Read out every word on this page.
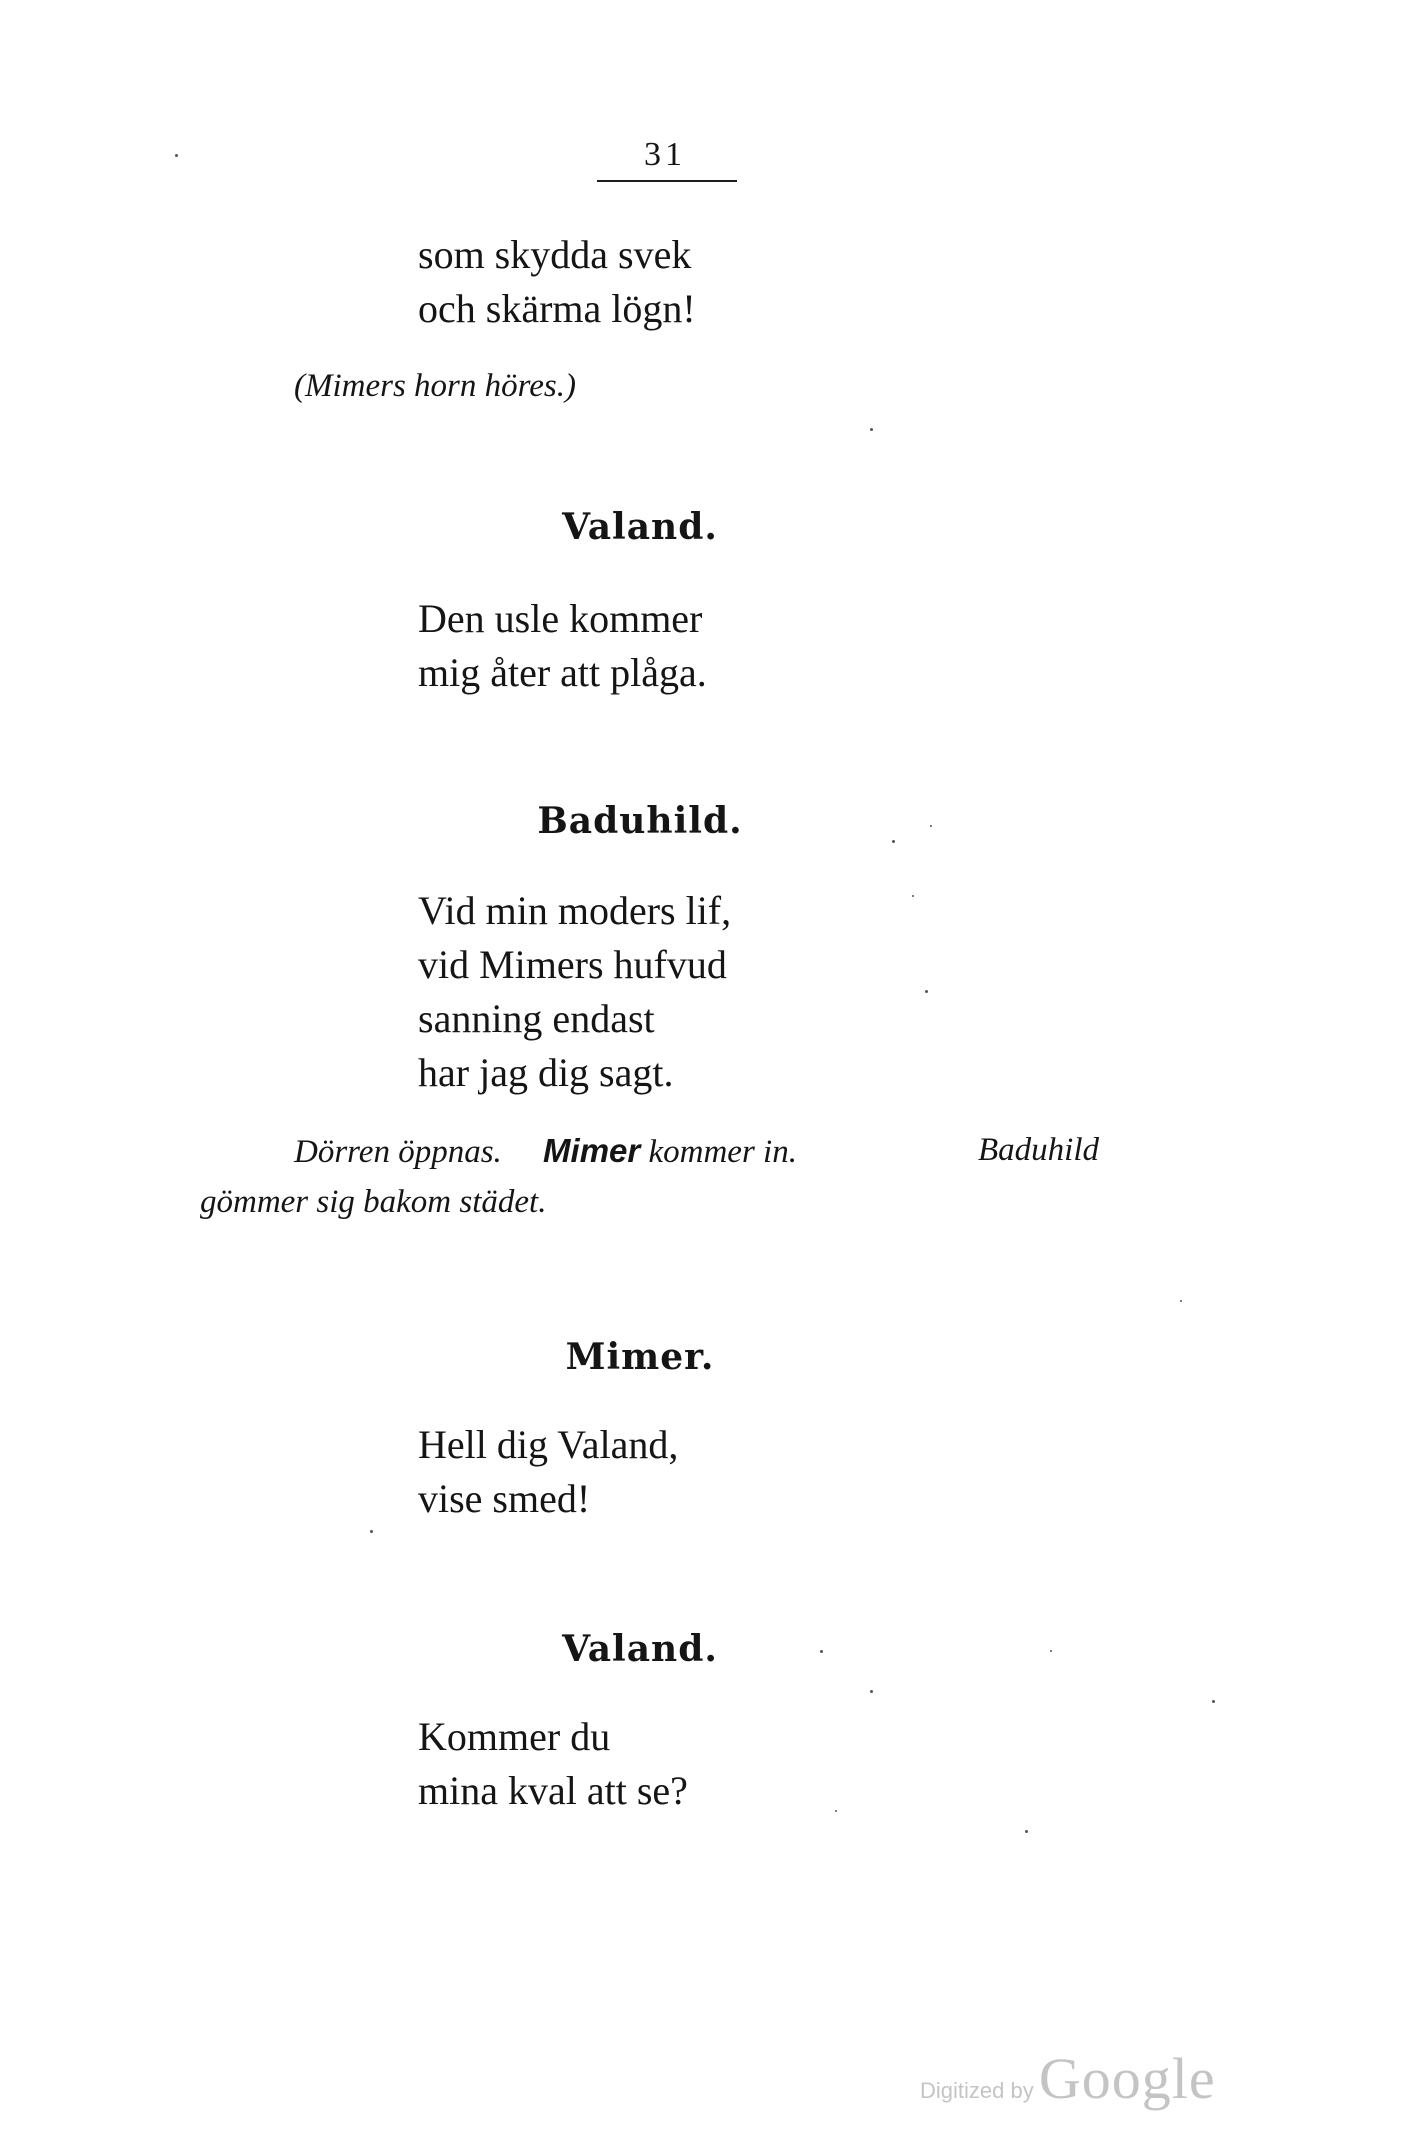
31
som skydda svek
och skärma lögn!
(Mimers horn höres.)
Valand.
Den usle kommer
mig åter att plåga.
Baduhild.
Vid min moders lif,
vid Mimers hufvud
sanning endast
har jag dig sagt.
Dörren öppnas. Mimer kommer in.	Baduhild
gömmer sig bakom städet.
Mimer.
Hell dig Valand,
vise smed!
Valand.
Kommer du
mina kval att se?
Digitized by Google
